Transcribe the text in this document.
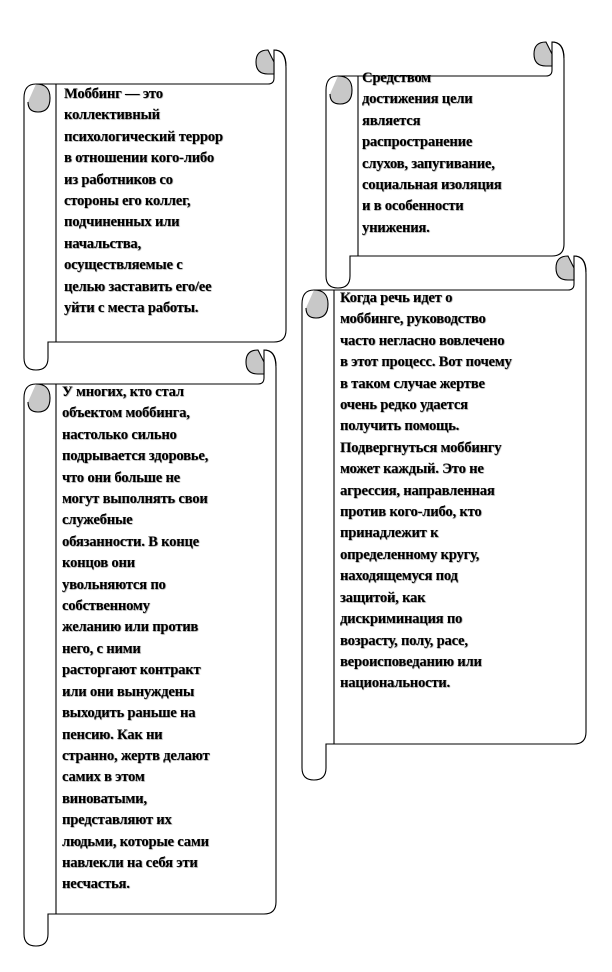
Моббинг — это
коллективный
психологический террор
в отношении кого-либо
из работников со
стороны его коллег,
подчиненных или
начальства,
осуществляемые с
целью заставить его/ее
уйти с места работы.
Средством
достижения цели
является
распространение
слухов, запугивание,
социальная изоляция
и в особенности
унижения.
У многих, кто стал
объектом моббинга,
настолько сильно
подрывается здоровье,
что они больше не
могут выполнять свои
служебные
обязанности. В конце
концов они
увольняются по
собственному
желанию или против
него, с ними
расторгают контракт
или они вынуждены
выходить раньше на
пенсию. Как ни
странно, жертв делают
самих в этом
виноватыми,
представляют их
людьми, которые сами
навлекли на себя эти
несчастья.
Когда речь идет о
моббинге, руководство
часто негласно вовлечено
в этот процесс. Вот почему
в таком случае жертве
очень редко удается
получить помощь.
Подвергнуться моббингу
может каждый. Это не
агрессия, направленная
против кого-либо, кто
принадлежит к
определенному кругу,
находящемуся под
защитой, как
дискриминация по
возрасту, полу, расе,
вероисповеданию или
национальности.
